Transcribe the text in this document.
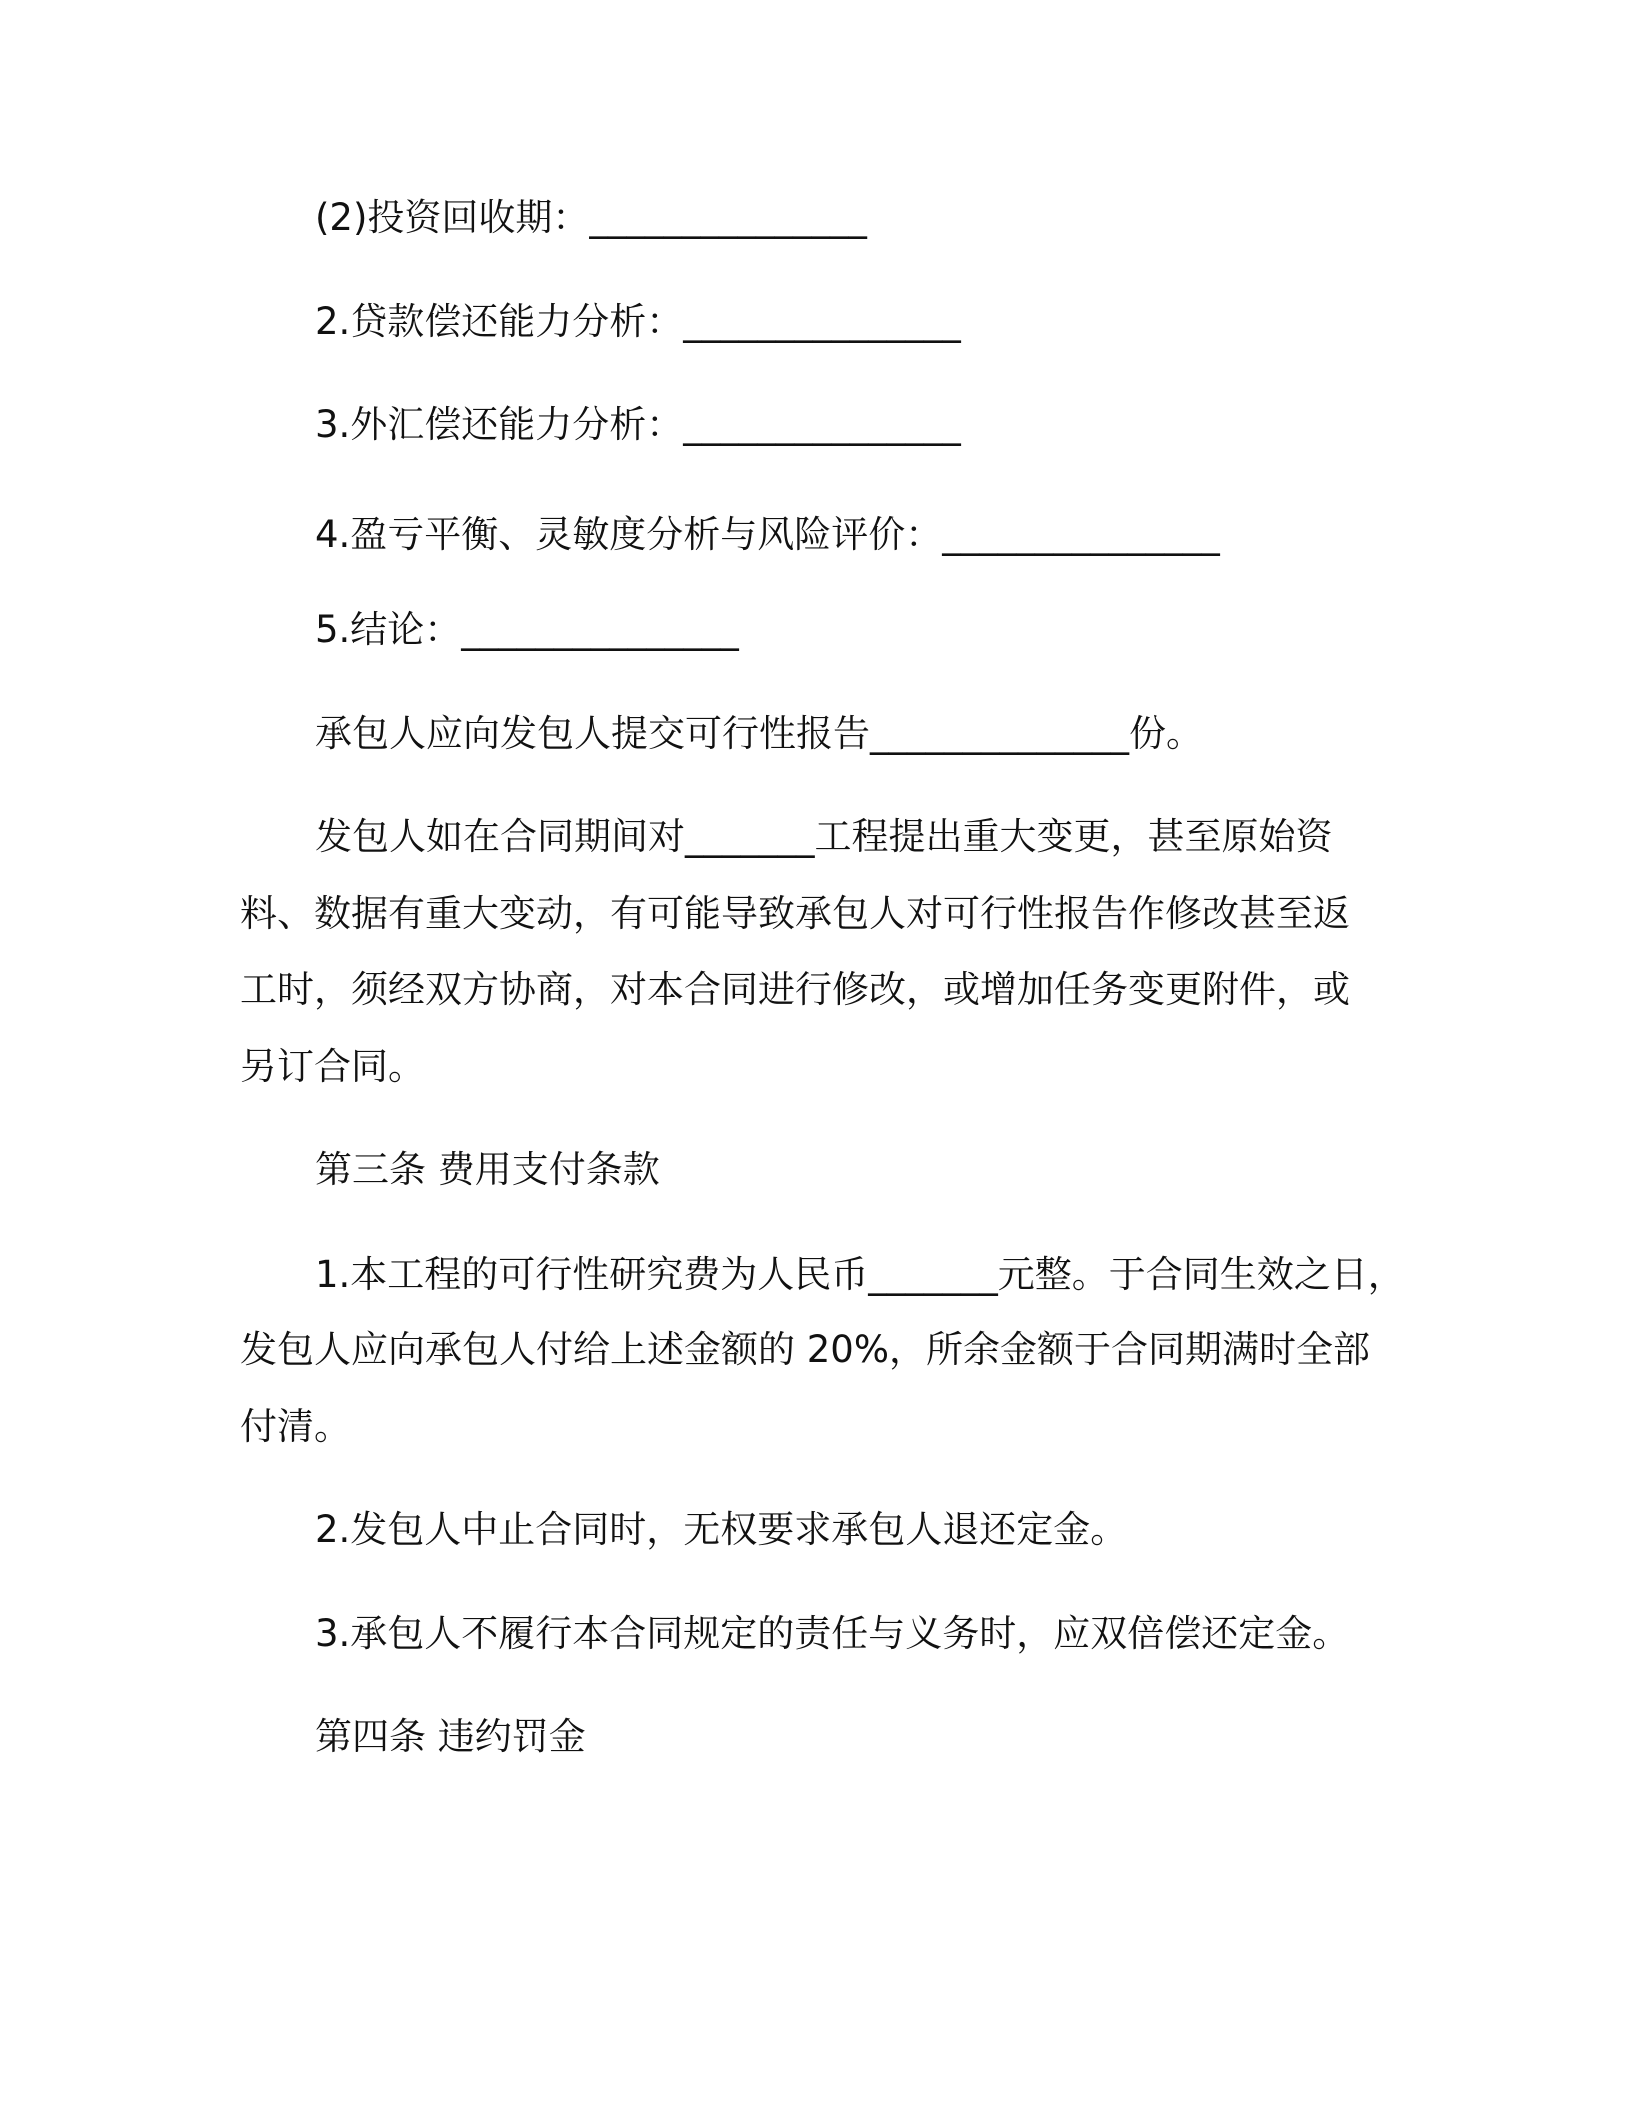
(2)投资回收期：_______________
2.贷款偿还能力分析：_______________
3.外汇偿还能力分析：_______________
4.盈亏平衡、灵敏度分析与风险评价：_______________
5.结论：_______________
承包人应向发包人提交可行性报告______________份。
发包人如在合同期间对_______工程提出重大变更，甚至原始资
料、数据有重大变动，有可能导致承包人对可行性报告作修改甚至返
工时，须经双方协商，对本合同进行修改，或增加任务变更附件，或
另订合同。
第三条 费用支付条款
1.本工程的可行性研究费为人民币_______元整。于合同生效之日，
发包人应向承包人付给上述金额的 20%，所余金额于合同期满时全部
付清。
2.发包人中止合同时，无权要求承包人退还定金。
3.承包人不履行本合同规定的责任与义务时，应双倍偿还定金。
第四条 违约罚金
